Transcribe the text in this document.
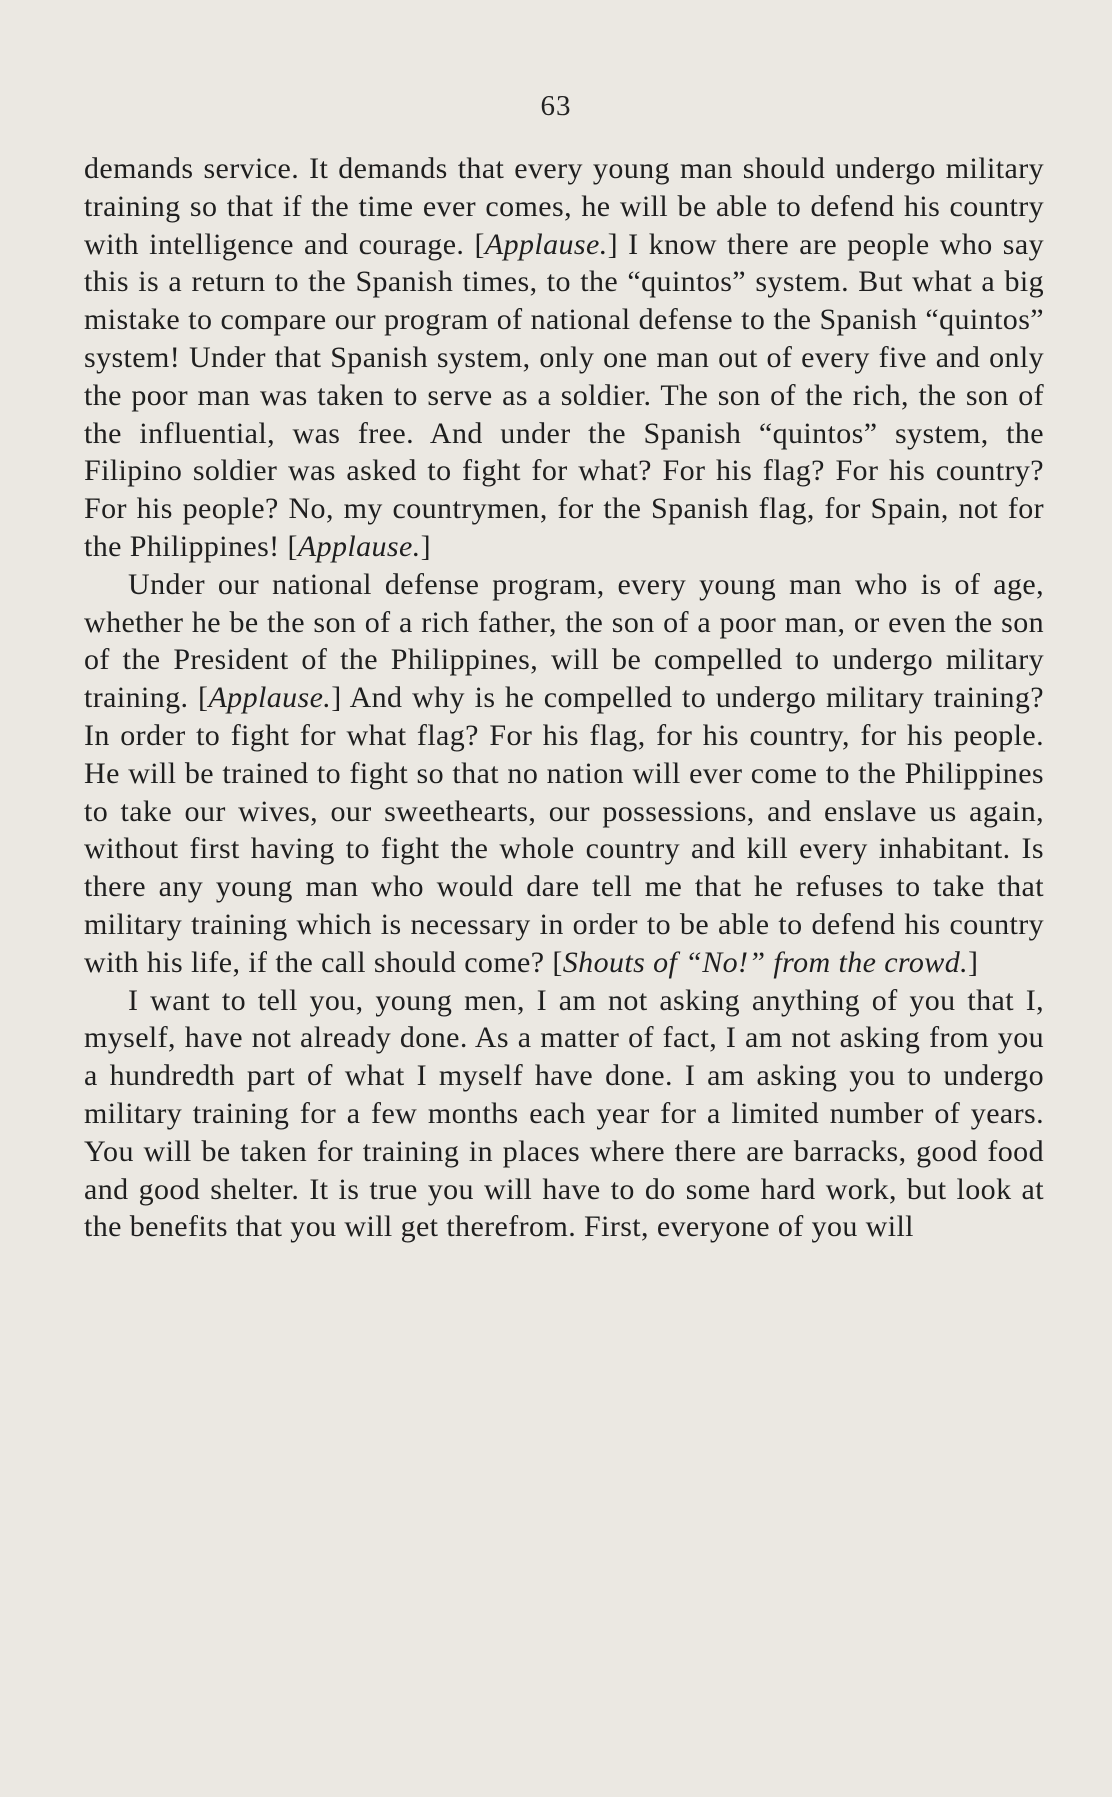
63

demands service. It demands that every young man should undergo military training so that if the time ever comes, he will be able to defend his country with intelligence and courage. [Applause.] I know there are people who say this is a return to the Spanish times, to the “quintos” system. But what a big mistake to compare our program of national defense to the Spanish “quintos” system! Under that Spanish system, only one man out of every five and only the poor man was taken to serve as a soldier. The son of the rich, the son of the influential, was free. And under the Spanish “quintos” system, the Filipino soldier was asked to fight for what? For his flag? For his country? For his people? No, my countrymen, for the Spanish flag, for Spain, not for the Philippines! [Applause.]

Under our national defense program, every young man who is of age, whether he be the son of a rich father, the son of a poor man, or even the son of the President of the Philippines, will be compelled to undergo military training. [Applause.] And why is he compelled to undergo military training? In order to fight for what flag? For his flag, for his country, for his people. He will be trained to fight so that no nation will ever come to the Philippines to take our wives, our sweethearts, our possessions, and enslave us again, without first having to fight the whole country and kill every inhabitant. Is there any young man who would dare tell me that he refuses to take that military training which is necessary in order to be able to defend his country with his life, if the call should come? [Shouts of “No!” from the crowd.]

I want to tell you, young men, I am not asking anything of you that I, myself, have not already done. As a matter of fact, I am not asking from you a hundredth part of what I myself have done. I am asking you to undergo military training for a few months each year for a limited number of years. You will be taken for training in places where there are barracks, good food and good shelter. It is true you will have to do some hard work, but look at the benefits that you will get therefrom. First, everyone of you will
